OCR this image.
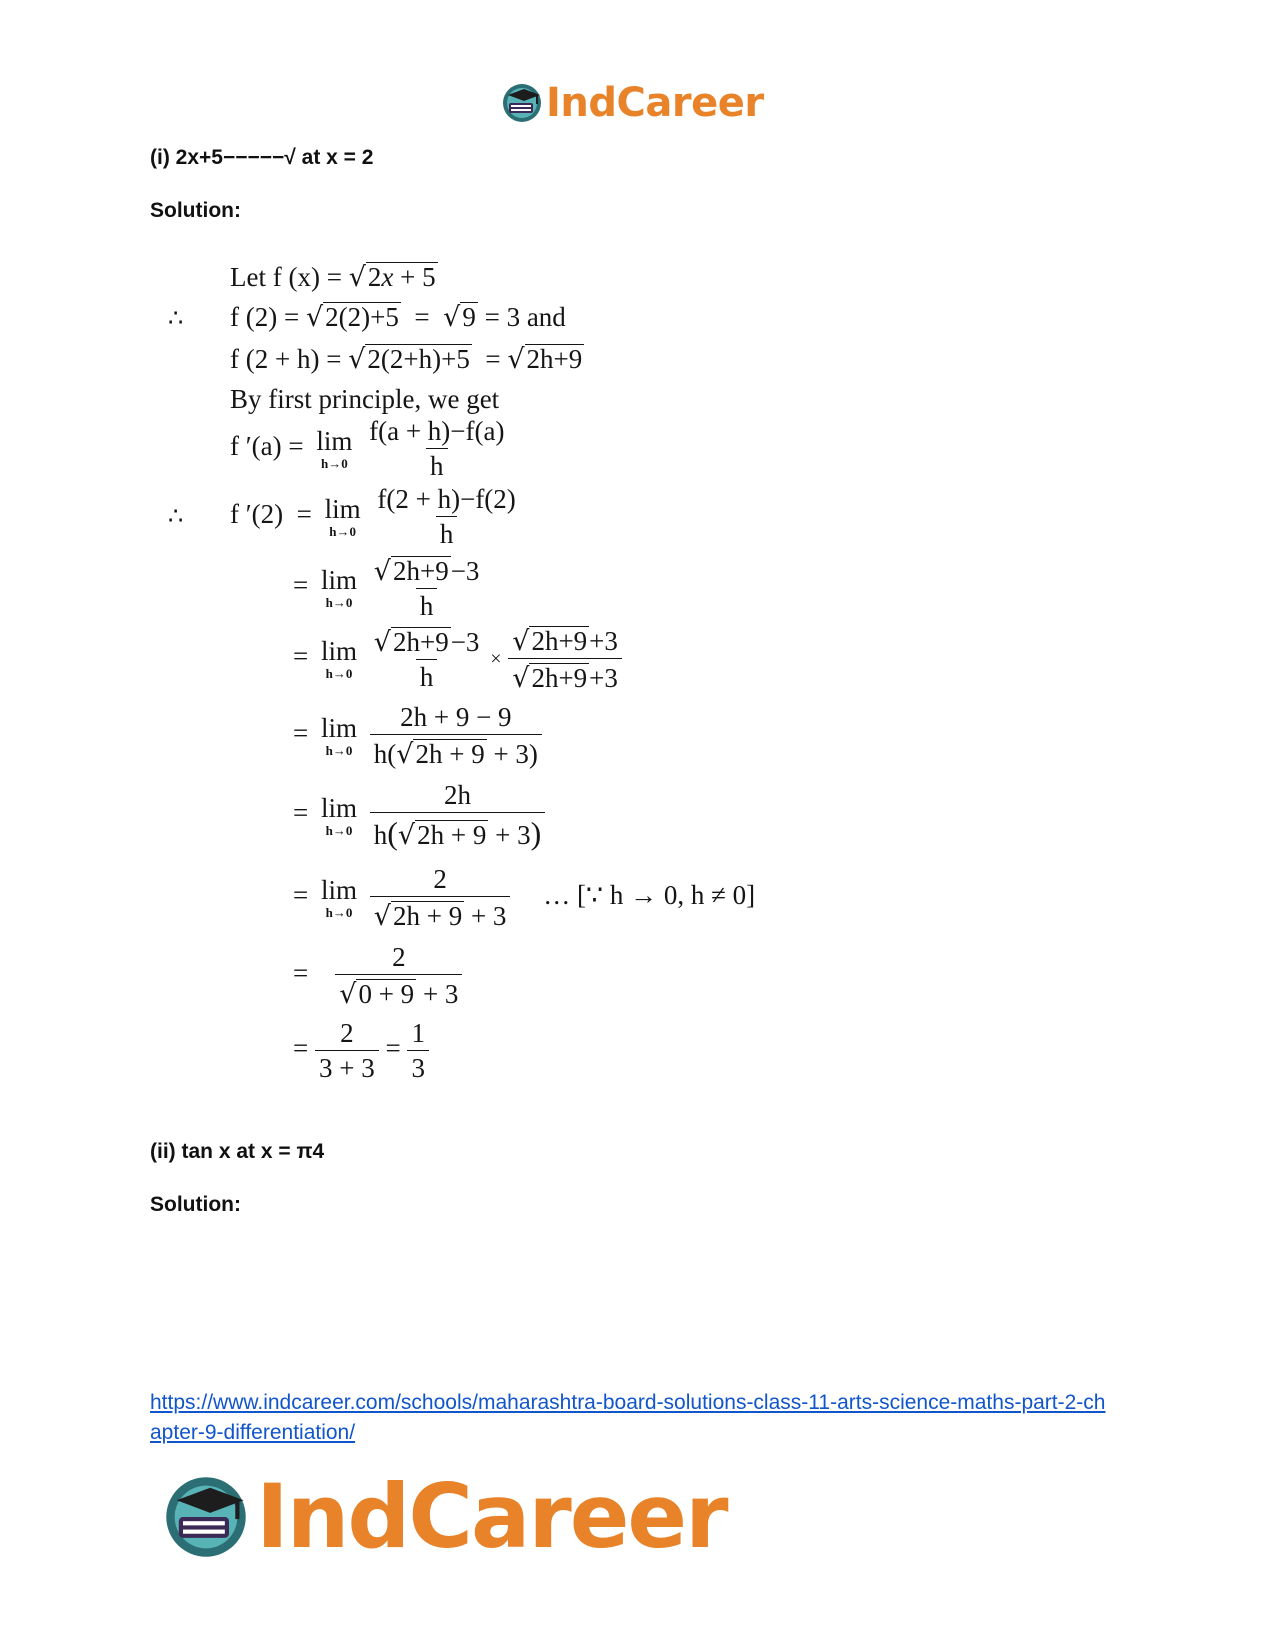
IndCareer
(i) 2x+5−−−−−√ at x = 2
Solution:
Let f (x) = √2x + 5
∴ f (2) = √2(2)+5  =  √9 = 3 and
f (2 + h) = √2(2+h)+5  = √2h+9
By first principle, we get
f ′(a) = lim
h→0
$\frac{f(a + h)-f(a)}{h}$
∴ f ′(2) = lim
h→0
$\frac{f(2 + h)-f(2)}{h}$
= lim
h→0
$\frac{√2h+9-3}{h}$
= lim
h→0
$\frac{√2h+9-3}{h} \times \frac{√2h+9+3}{√2h+9+3}$
= lim
h→0
$\frac{2h + 9 - 9}{h(√2h + 9 + 3)}$
= lim
h→0
$\frac{2h}{h(√2h + 9 + 3)}$
= lim
h→0
$\frac{2}{√2h + 9 + 3}$ … [∵ h → 0, h ≠ 0]
= $\frac{2}{√0 + 9 + 3}$
= $\frac{2}{3 + 3} = \frac{1}{3}$
(ii) tan x at x = π4
Solution:
https://www.indcareer.com/schools/maharashtra-board-solutions-class-11-arts-science-maths-part-2-chapter-9-differentiation/
IndCareer
